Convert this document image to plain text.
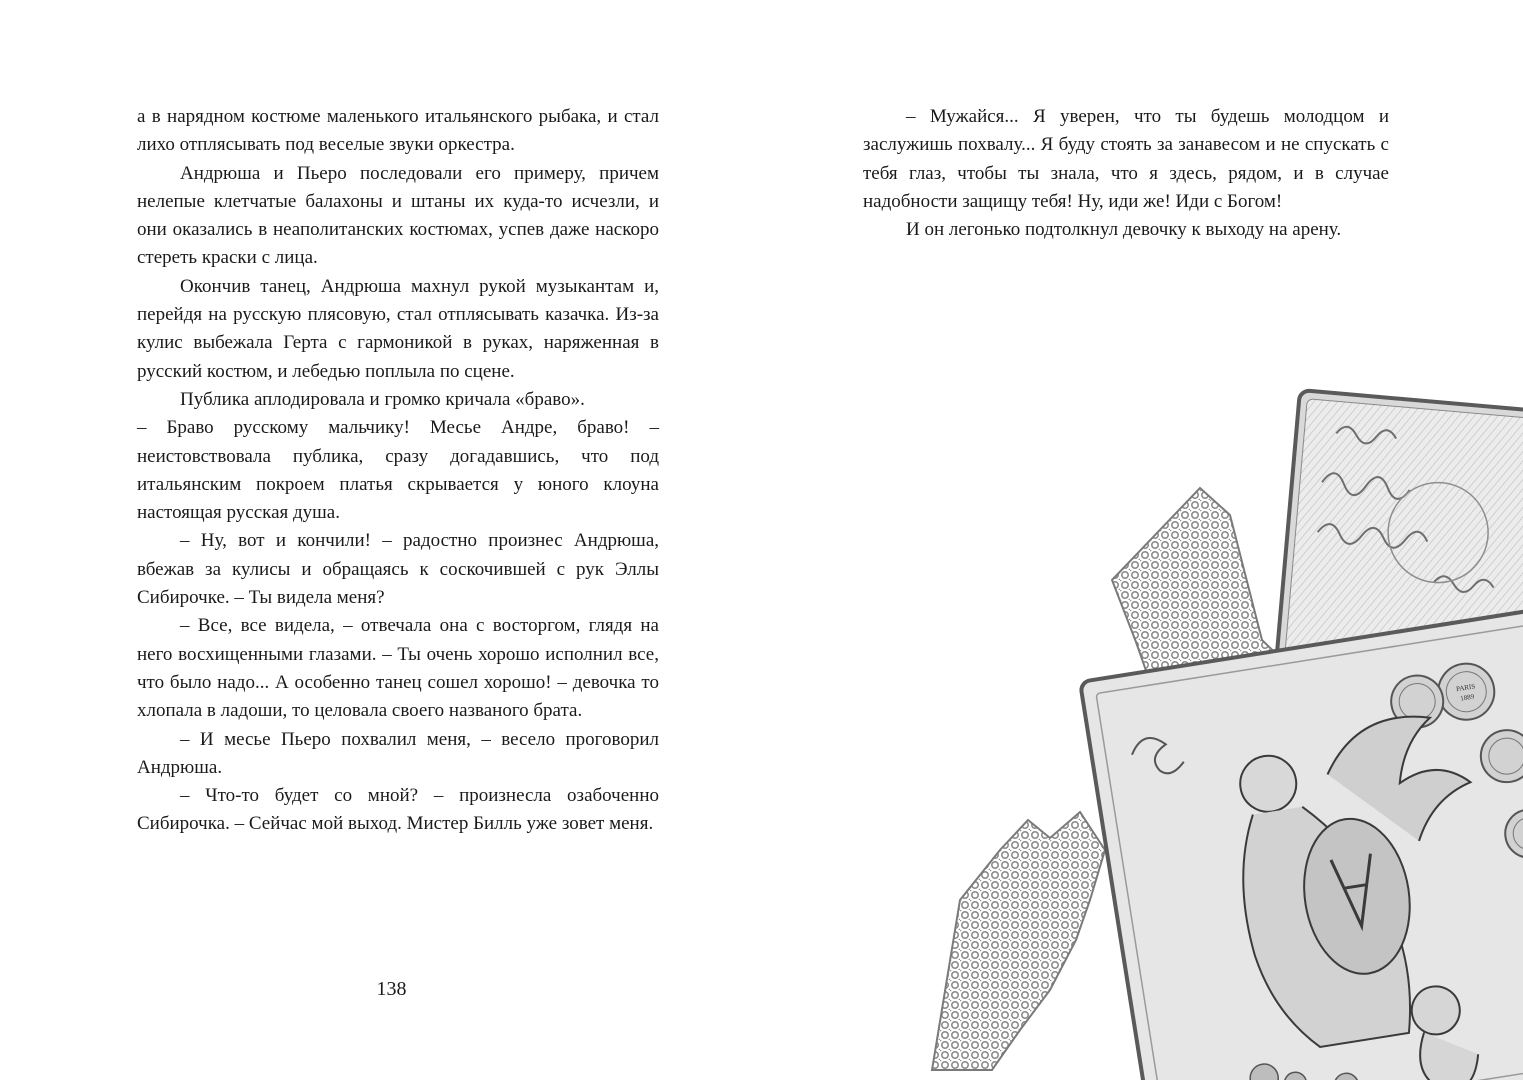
а в нарядном костюме маленького итальянского рыбака, и стал лихо отплясывать под веселые звуки оркестра.

Андрюша и Пьеро последовали его примеру, причем нелепые клетчатые балахоны и штаны их куда-то исчезли, и они оказались в неаполитанских костюмах, успев даже наскоро стереть краски с лица.

Окончив танец, Андрюша махнул рукой музыкантам и, перейдя на русскую плясовую, стал отплясывать казачка. Из-за кулис выбежала Герта с гармоникой в руках, наряженная в русский костюм, и лебедью поплыла по сцене.

Публика аплодировала и громко кричала «браво».

– Браво русскому мальчику! Месье Андре, браво! – неистовствовала публика, сразу догадавшись, что под итальянским покроем платья скрывается у юного клоуна настоящая русская душа.

– Ну, вот и кончили! – радостно произнес Андрюша, вбежав за кулисы и обращаясь к соскочившей с рук Эллы Сибирочке. – Ты видела меня?

– Все, все видела, – отвечала она с восторгом, глядя на него восхищенными глазами. – Ты очень хорошо исполнил все, что было надо... А особенно танец сошел хорошо! – девочка то хлопала в ладоши, то целовала своего названого брата.

– И месье Пьеро похвалил меня, – весело проговорил Андрюша.

– Что-то будет со мной? – произнесла озабоченно Сибирочка. – Сейчас мой выход. Мистер Билль уже зовет меня.

138

– Мужайся... Я уверен, что ты будешь молодцом и заслужишь похвалу... Я буду стоять за занавесом и не спускать с тебя глаз, чтобы ты знала, что я здесь, рядом, и в случае надобности защищу тебя! Ну, иди же! Иди с Богом!

И он легонько подтолкнул девочку к выходу на арену.

PARIS
1889
